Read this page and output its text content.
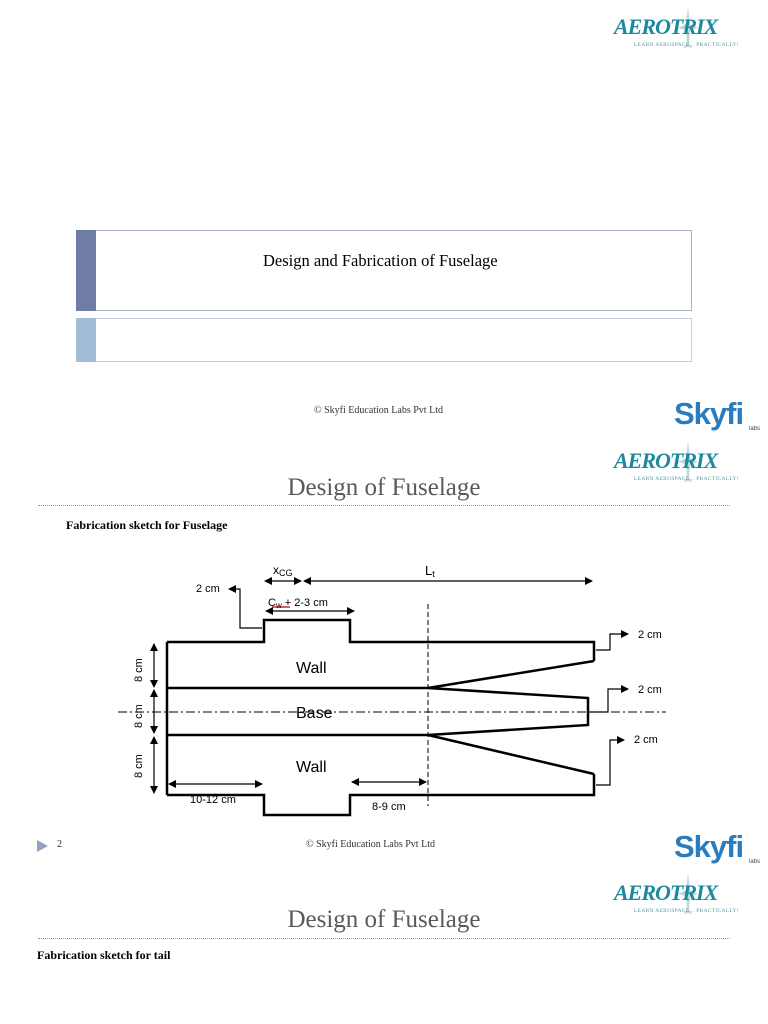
AEROTRIX
LEARN AEROSPACE... PRACTICALLY!
Design and Fabrication of Fuselage
© Skyfi Education Labs Pvt Ltd	Skyfi labs
AEROTRIX
LEARN AEROSPACE... PRACTICALLY!
Design of Fuselage
Fabrication sketch for Fuselage
xCG	Lt
Cw + 2-3 cm
2 cm
2 cm
2 cm
2 cm
8 cm
8 cm
8 cm
Wall
Base
Wall
10-12 cm
8-9 cm
2	© Skyfi Education Labs Pvt Ltd	Skyfi labs
AEROTRIX
LEARN AEROSPACE... PRACTICALLY!
Design of Fuselage
Fabrication sketch for tail
